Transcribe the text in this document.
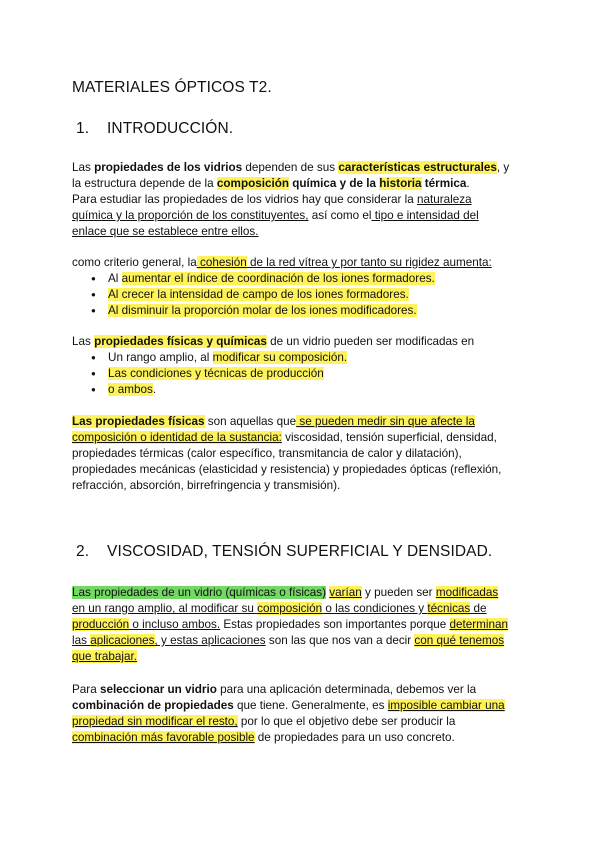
MATERIALES ÓPTICOS T2.
1. INTRODUCCIÓN.
Las propiedades de los vidrios dependen de sus características estructurales, y
la estructura depende de la composición química y de la historia térmica.
Para estudiar las propiedades de los vidrios hay que considerar la naturaleza
química y la proporción de los constituyentes, así como el tipo e intensidad del
enlace que se establece entre ellos.
como criterio general, la cohesión de la red vítrea y por tanto su rigidez aumenta:
● Al aumentar el índice de coordinación de los iones formadores.
● Al crecer la intensidad de campo de los iones formadores.
● Al disminuir la proporción molar de los iones modificadores.
Las propiedades físicas y químicas de un vidrio pueden ser modificadas en
● Un rango amplio, al modificar su composición.
● Las condiciones y técnicas de producción
● o ambos.
Las propiedades físicas son aquellas que se pueden medir sin que afecte la
composición o identidad de la sustancia: viscosidad, tensión superficial, densidad,
propiedades térmicas (calor específico, transmitancia de calor y dilatación),
propiedades mecánicas (elasticidad y resistencia) y propiedades ópticas (reflexión,
refracción, absorción, birrefringencia y transmisión).
2. VISCOSIDAD, TENSIÓN SUPERFICIAL Y DENSIDAD.
Las propiedades de un vidrio (químicas o físicas) varían y pueden ser modificadas
en un rango amplio, al modificar su composición o las condiciones y técnicas de
producción o incluso ambos. Estas propiedades son importantes porque determinan
las aplicaciones, y estas aplicaciones son las que nos van a decir con qué tenemos
que trabajar.
Para seleccionar un vidrio para una aplicación determinada, debemos ver la
combinación de propiedades que tiene. Generalmente, es imposible cambiar una
propiedad sin modificar el resto, por lo que el objetivo debe ser producir la
combinación más favorable posible de propiedades para un uso concreto.
